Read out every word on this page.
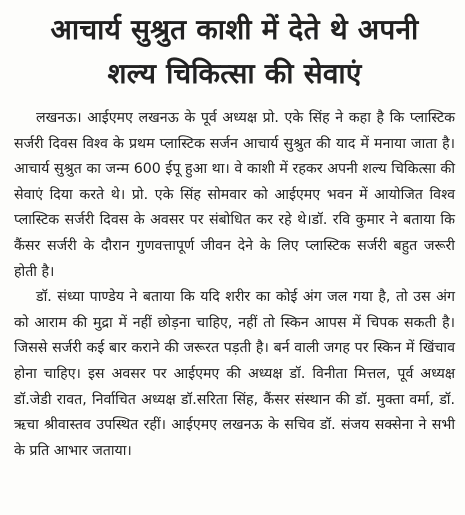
आचार्य सुश्रुत काशी में देते थे अपनी
शल्य चिकित्सा की सेवाएं

लखनऊ। आईएमए लखनऊ के पूर्व अध्यक्ष प्रो. एके सिंह ने कहा है कि प्लास्टिक सर्जरी दिवस विश्व के प्रथम प्लास्टिक सर्जन आचार्य सुश्रुत की याद में मनाया जाता है। आचार्य सुश्रुत का जन्म 600 ईपू हुआ था। वे काशी में रहकर अपनी शल्य चिकित्सा की सेवाएं दिया करते थे। प्रो. एके सिंह सोमवार को आईएमए भवन में आयोजित विश्व प्लास्टिक सर्जरी दिवस के अवसर पर संबोधित कर रहे थे।डॉ. रवि कुमार ने बताया कि कैंसर सर्जरी के दौरान गुणवत्तापूर्ण जीवन देने के लिए प्लास्टिक सर्जरी बहुत जरूरी होती है।

डॉ. संध्या पाण्डेय ने बताया कि यदि शरीर का कोई अंग जल गया है, तो उस अंग को आराम की मुद्रा में नहीं छोड़ना चाहिए, नहीं तो स्किन आपस में चिपक सकती है। जिससे सर्जरी कई बार कराने की जरूरत पड़ती है। बर्न वाली जगह पर स्किन में खिंचाव होना चाहिए। इस अवसर पर आईएमए की अध्यक्ष डॉ. विनीता मित्तल, पूर्व अध्यक्ष डॉ.जेडी रावत, निर्वाचित अध्यक्ष डॉ.सरिता सिंह, कैंसर संस्थान की डॉ. मुक्ता वर्मा, डॉ. ऋचा श्रीवास्तव उपस्थित रहीं। आईएमए लखनऊ के सचिव डॉ. संजय सक्सेना ने सभी के प्रति आभार जताया।
